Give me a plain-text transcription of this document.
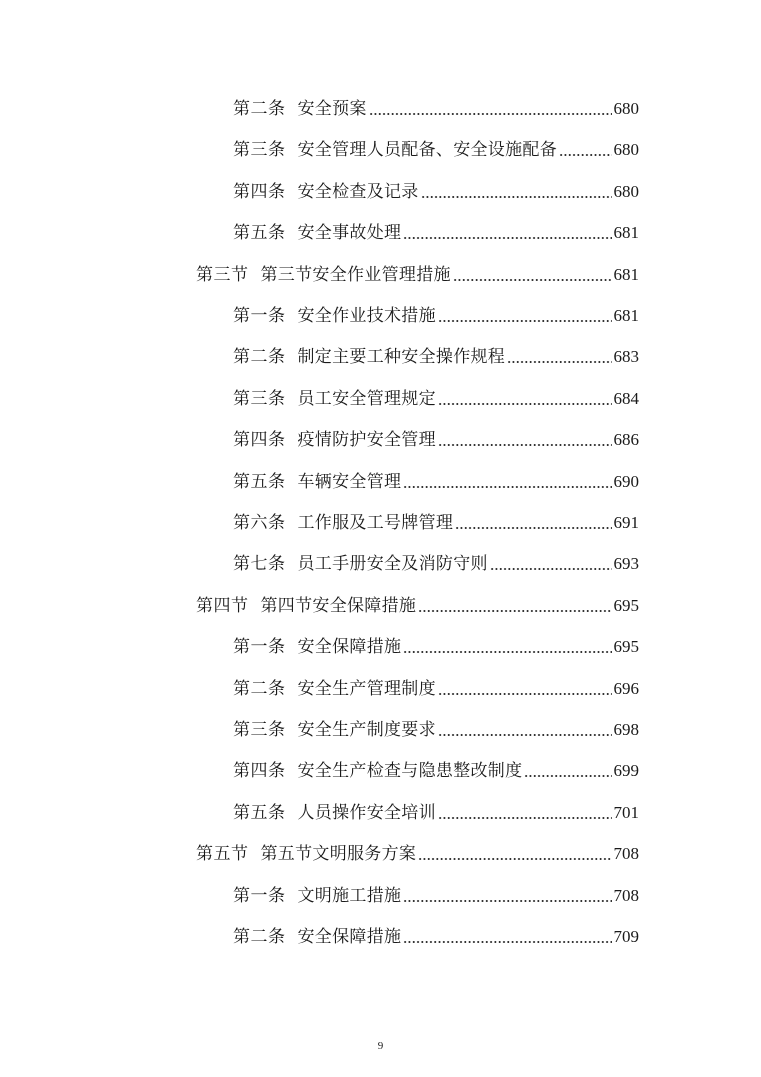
第二条 安全预案	680
第三条 安全管理人员配备、安全设施配备	680
第四条 安全检查及记录	680
第五条 安全事故处理	681
第三节 第三节安全作业管理措施	681
第一条 安全作业技术措施	681
第二条 制定主要工种安全操作规程	683
第三条 员工安全管理规定	684
第四条 疫情防护安全管理	686
第五条 车辆安全管理	690
第六条 工作服及工号牌管理	691
第七条 员工手册安全及消防守则	693
第四节 第四节安全保障措施	695
第一条 安全保障措施	695
第二条 安全生产管理制度	696
第三条 安全生产制度要求	698
第四条 安全生产检查与隐患整改制度	699
第五条 人员操作安全培训	701
第五节 第五节文明服务方案	708
第一条 文明施工措施	708
第二条 安全保障措施	709
9
